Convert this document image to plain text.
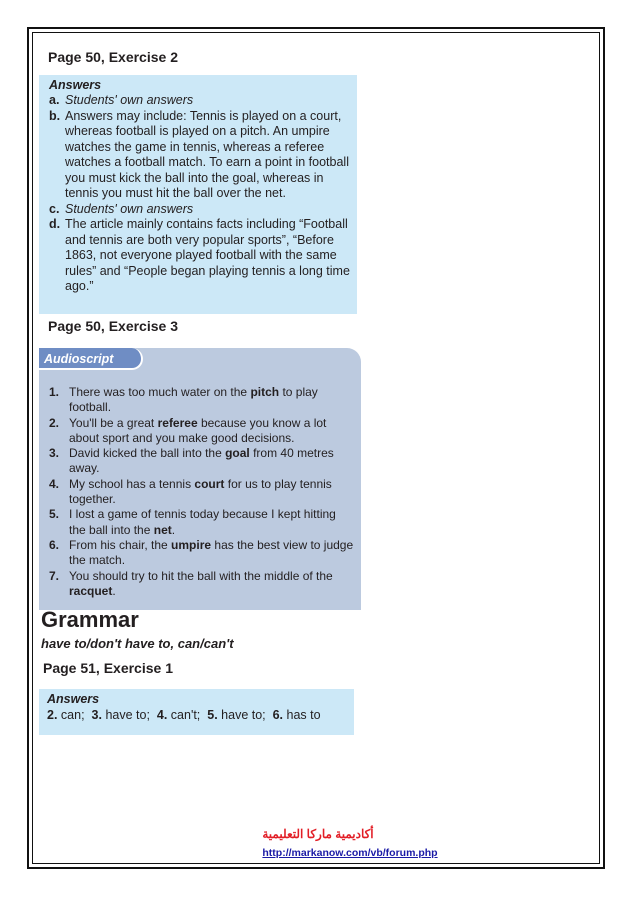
Page 50, Exercise 2
Answers
a. Students' own answers
b. Answers may include: Tennis is played on a court, whereas football is played on a pitch. An umpire watches the game in tennis, whereas a referee watches a football match. To earn a point in football you must kick the ball into the goal, whereas in tennis you must hit the ball over the net.
c. Students' own answers
d. The article mainly contains facts including “Football and tennis are both very popular sports”, “Before 1863, not everyone played football with the same rules” and “People began playing tennis a long time ago.”
Page 50, Exercise 3
Audioscript
1. There was too much water on the pitch to play football.
2. You'll be a great referee because you know a lot about sport and you make good decisions.
3. David kicked the ball into the goal from 40 metres away.
4. My school has a tennis court for us to play tennis together.
5. I lost a game of tennis today because I kept hitting the ball into the net.
6. From his chair, the umpire has the best view to judge the match.
7. You should try to hit the ball with the middle of the racquet.
Grammar
have to/don't have to, can/can't
Page 51, Exercise 1
Answers
2. can; 3. have to; 4. can't; 5. have to; 6. has to
أكاديمية ماركا التعليمية
http://markanow.com/vb/forum.php
